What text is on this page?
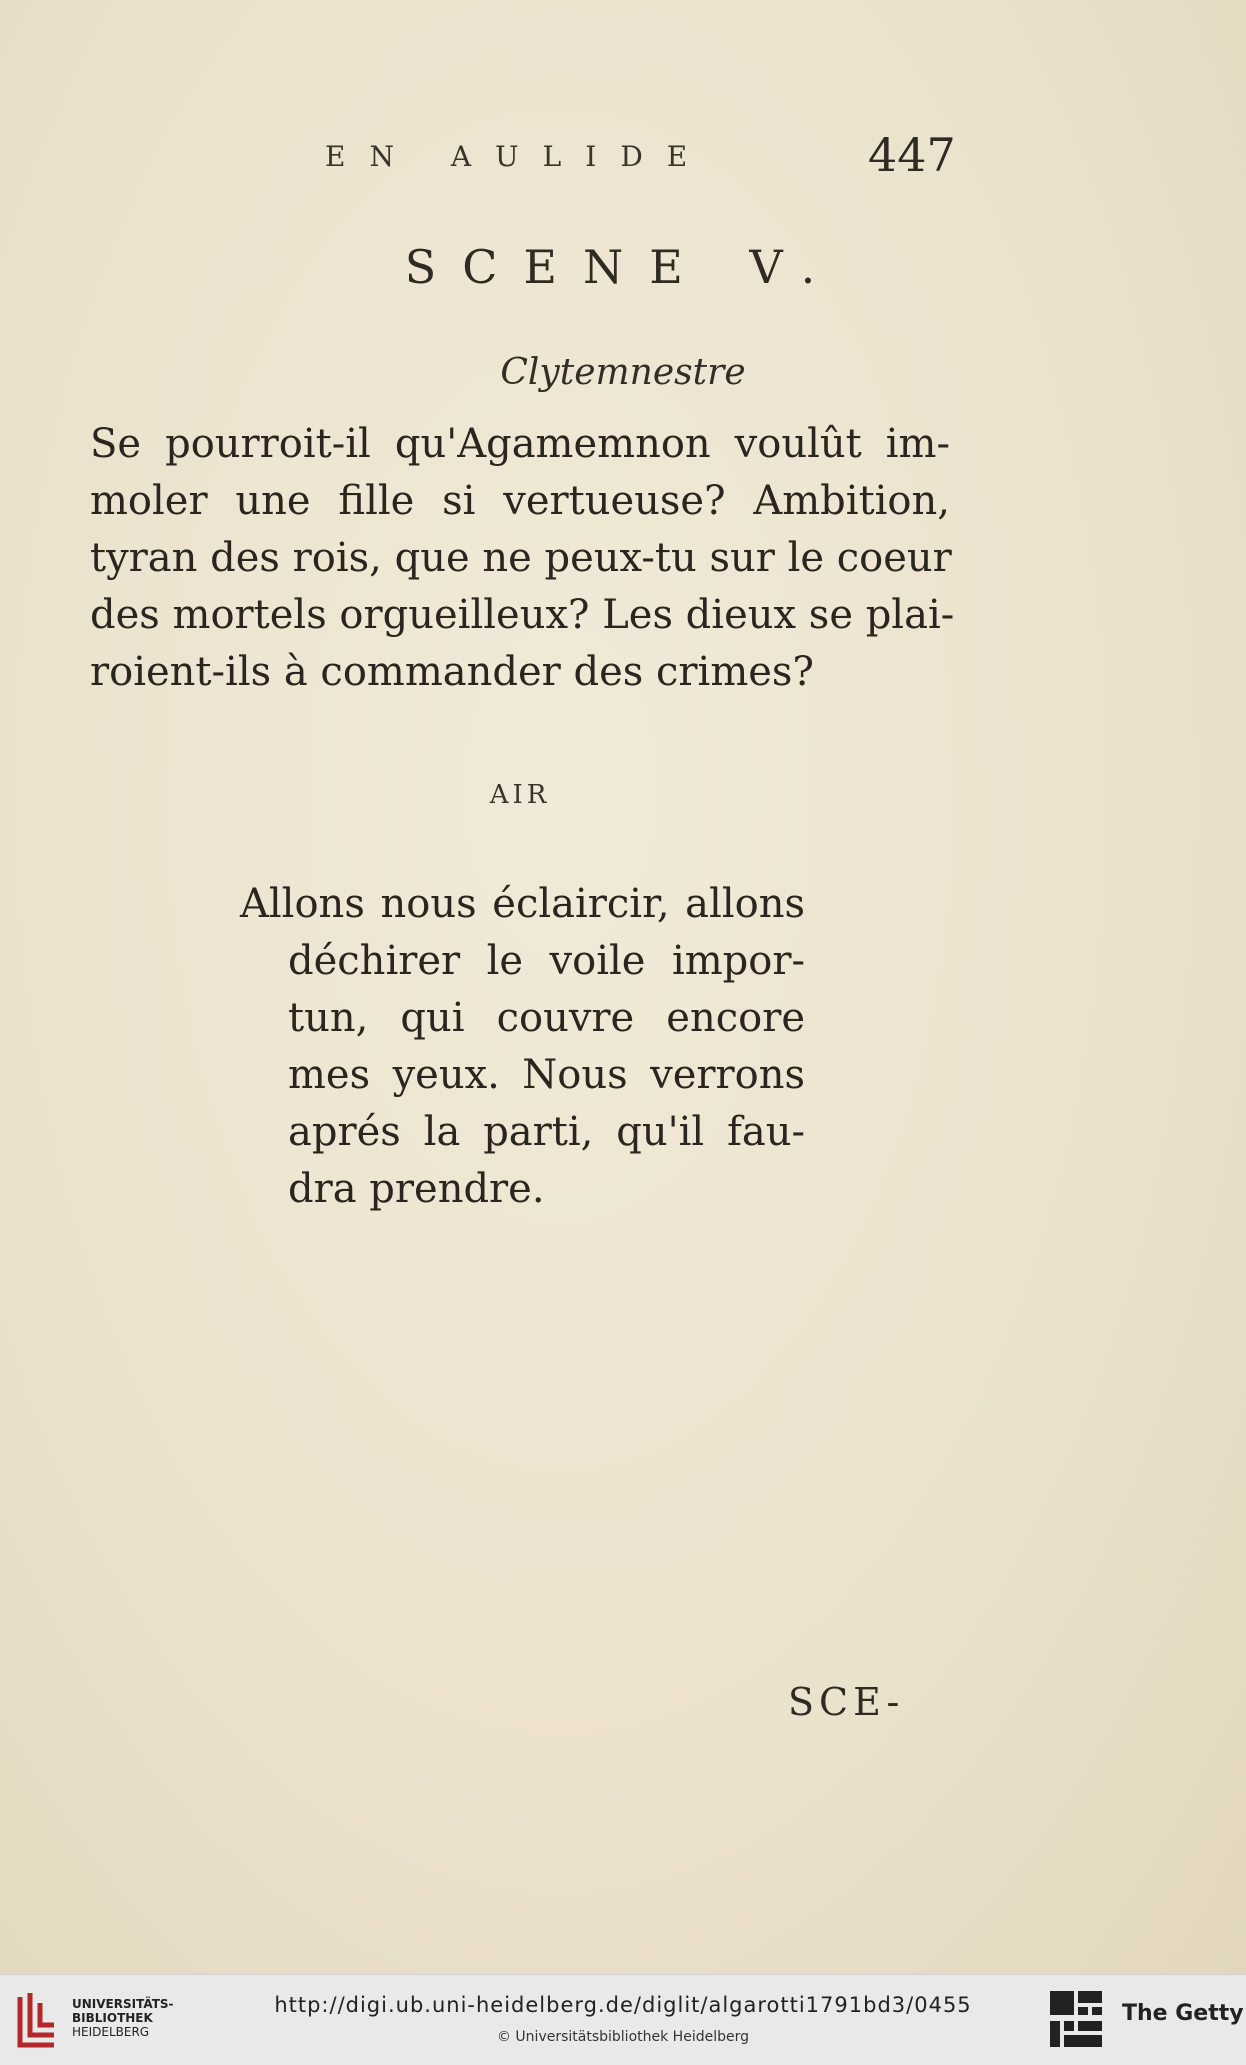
EN AULIDE	447
SCENE V.
Clytemnestre
Se pourroit-il qu'Agamemnon voulût im-
moler une fille si vertueuse? Ambition,
tyran des rois, que ne peux-tu sur le coeur
des mortels orgueilleux? Les dieux se plai-
roient-ils à commander des crimes?
AIR
Allons nous éclaircir, allons
déchirer le voile impor-
tun, qui couvre encore
mes yeux. Nous verrons
aprés la parti, qu'il fau-
dra prendre.
SCE-
UNIVERSITÄTS-
BIBLIOTHEK
HEIDELBERG
http://digi.ub.uni-heidelberg.de/diglit/algarotti1791bd3/0455
© Universitätsbibliothek Heidelberg
The Getty
